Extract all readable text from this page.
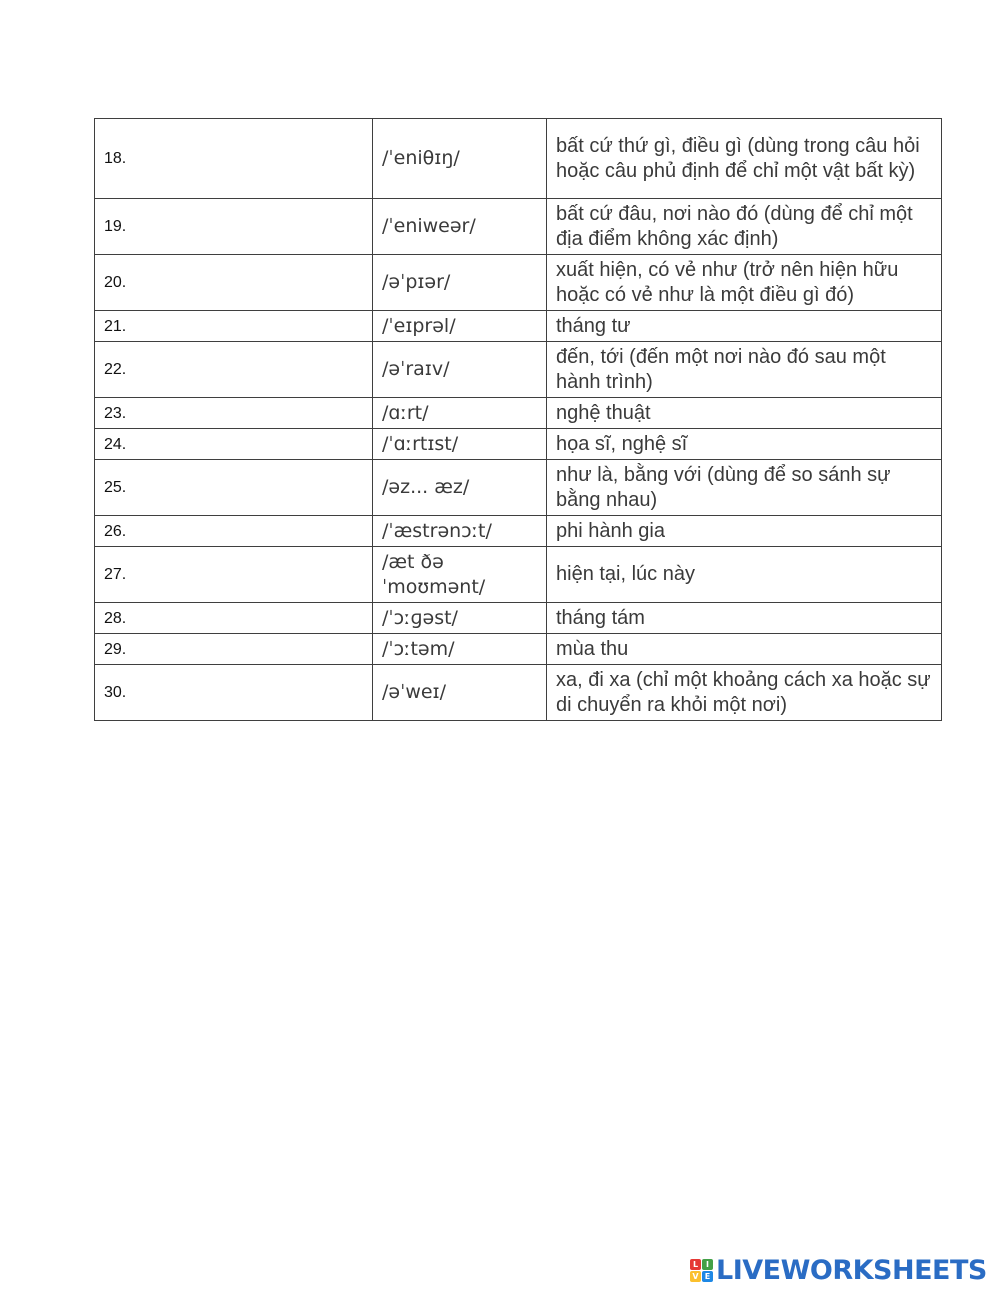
18.	/ˈeniθɪŋ/	bất cứ thứ gì, điều gì (dùng trong câu hỏi hoặc câu phủ định để chỉ một vật bất kỳ)
19.	/ˈeniweər/	bất cứ đâu, nơi nào đó (dùng để chỉ một địa điểm không xác định)
20.	/əˈpɪər/	xuất hiện, có vẻ như (trở nên hiện hữu hoặc có vẻ như là một điều gì đó)
21.	/ˈeɪprəl/	tháng tư
22.	/əˈraɪv/	đến, tới (đến một nơi nào đó sau một hành trình)
23.	/ɑːrt/	nghệ thuật
24.	/ˈɑːrtɪst/	họa sĩ, nghệ sĩ
25.	/əz... æz/	như là, bằng với (dùng để so sánh sự bằng nhau)
26.	/ˈæstrənɔːt/	phi hành gia
27.	/æt ðə ˈmoʊmənt/	hiện tại, lúc này
28.	/ˈɔːɡəst/	tháng tám
29.	/ˈɔːtəm/	mùa thu
30.	/əˈweɪ/	xa, đi xa (chỉ một khoảng cách xa hoặc sự di chuyển ra khỏi một nơi)
L I
V E LIVEWORKSHEETS
